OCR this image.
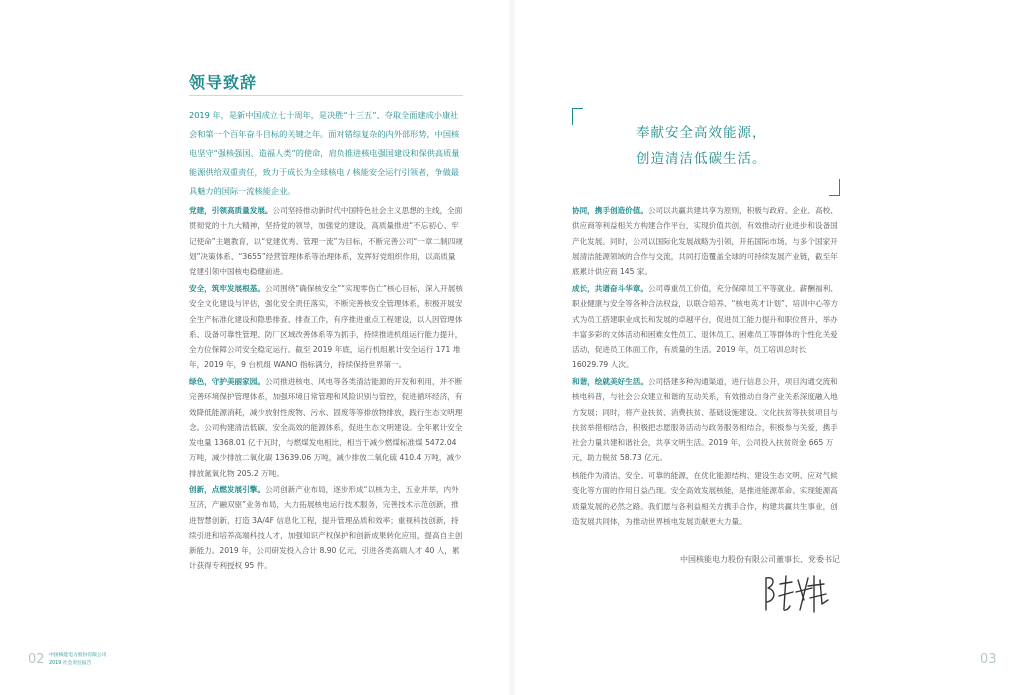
领导致辞

2019 年，是新中国成立七十周年，是决胜“十三五”、夺取全面建成小康社会和第一个百年奋斗目标的关键之年。面对错综复杂的内外部形势，中国核电坚守“强核强国、造福人类”的使命，肩负推进核电强国建设和保供高质量能源供给双重责任，致力于成长为全球核电 / 核能安全运行引领者，争做最具魅力的国际一流核能企业。

党建，引领高质量发展。公司坚持推动新时代中国特色社会主义思想的主线，全面贯彻党的十九大精神，坚持党的领导，加强党的建设，高质量推进“不忘初心、牢记使命”主题教育，以“党建优秀、管理一流”为目标，不断完善公司“一章二制四规划”决策体系、“3655”经营管理体系等治理体系，发挥好党组织作用，以高质量党建引领中国核电稳健前进。

安全，筑牢发展根基。公司围绕“确保核安全”“实现零伤亡”核心目标，深入开展核安全文化建设与评估，强化安全责任落实，不断完善核安全管理体系，积极开展安全生产标准化建设和隐患排查、排查工作，有序推进重点工程建设，以人因管理体系、设备可靠性管理、防厂区域改善体系等为抓手，持续推进机组运行能力提升，全方位保障公司安全稳定运行。截至 2019 年底，运行机组累计安全运行 171 堆年，2019 年，9 台机组 WANO 指标满分，持续保持世界第一。

绿色，守护美丽家园。公司推进核电、风电等各类清洁能源的开发和利用，并不断完善环境保护管理体系，加强环境日常管理和风险识别与管控，促进循环经济，有效降低能源消耗，减少放射性废物、污水、固废等等排放物排放，践行生态文明理念。公司构建清洁低碳、安全高效的能源体系，促进生态文明建设。全年累计安全发电量 1368.01 亿千瓦时，与燃煤发电相比，相当于减少燃煤标准煤 5472.04 万吨，减少排放二氧化碳 13639.06 万吨，减少排放二氧化硫 410.4 万吨，减少排放氮氧化物 205.2 万吨。

创新，点燃发展引擎。公司创新产业布局，逐步形成“以核为主，五业并举，内外互济，产融双驱”业务布局，大力拓展核电运行技术服务，完善技术示范创新，推进智慧创新，打造 3A/4F 信息化工程，提升管理品质和效率；重视科技创新，持续引进和培养高端科技人才，加强知识产权保护和创新成果转化应用，提高自主创新能力。2019 年，公司研发投入合计 8.90 亿元，引进各类高端人才 40 人，累计获得专利授权 95 件。

02 中国核能电力股份有限公司
2019 社会责任报告

奉献安全高效能源，

创造清洁低碳生活。

协同，携手创造价值。公司以共赢共建共享为原则，积极与政府、企业、高校、供应商等利益相关方构建合作平台，实现价值共创，有效推动行业进步和设备国产化发展。同时，公司以国际化发展战略为引领，开拓国际市场，与多个国家开展清洁能源领域的合作与交流，共同打造覆盖全球的可持续发展产业链，截至年底累计供应商 145 家。

成长，共谱奋斗华章。公司尊重员工价值，充分保障员工平等就业、薪酬福利、职业健康与安全等各种合法权益，以联合培养、“核电英才计划”、培训中心等方式为员工搭建职业成长和发展的卓越平台，促进员工能力提升和职位晋升，举办丰富多彩的文体活动和困难女性员工、退休员工、困难员工等群体的个性化关爱活动，促进员工体面工作，有质量的生活。2019 年，员工培训总时长 16029.79 人次。

和谐，绘就美好生活。公司搭建多种沟通渠道，进行信息公开，项目沟通交流和核电科普，与社会公众建立和谐的互动关系，有效推动自身产业关系深度融入地方发展；同时，将产业扶贫、消费扶贫、基础设施建设、文化扶贫等扶贫项目与扶贫举措相结合，积极把志愿服务活动与政务服务相结合，积极参与关爱，携手社会力量共建和谐社会，共享文明生活。2019 年，公司投入扶贫资金 665 万元，助力脱贫 58.73 亿元。

核能作为清洁、安全、可靠的能源，在优化能源结构、建设生态文明、应对气候变化等方面的作用日益凸现。安全高效发展核能，是推进能源革命、实现能源高质量发展的必然之路。我们愿与各利益相关方携手合作，构建共赢共生事业，创造发展共同体，为推动世界核电发展贡献更大力量。

中国核能电力股份有限公司董事长、党委书记
03
